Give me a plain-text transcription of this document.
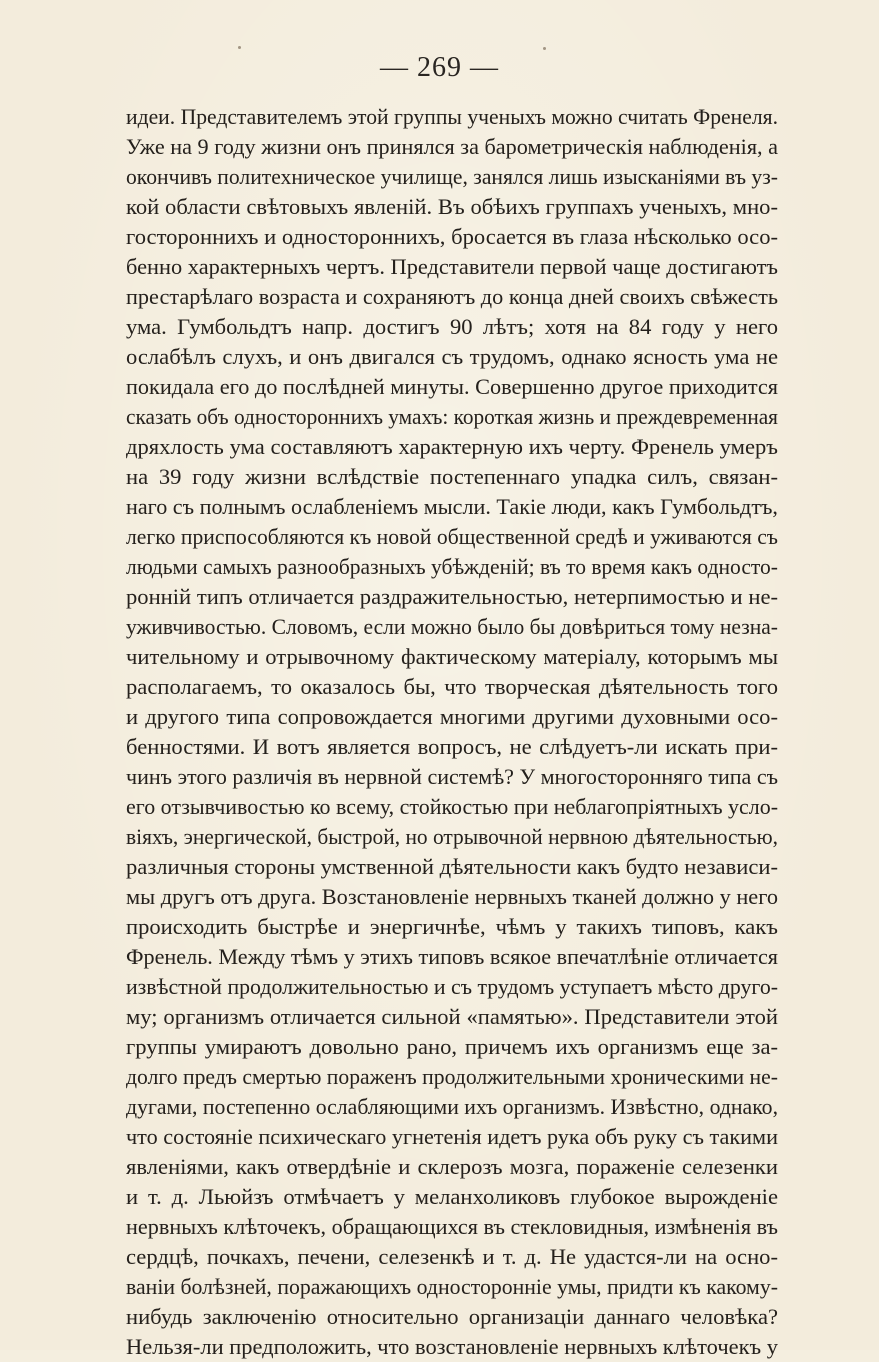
— 269 —
идеи. Представителемъ этой группы ученыхъ можно считать Френеля.
Уже на 9 году жизни онъ принялся за барометрическія наблюденія, а
окончивъ политехническое училище, занялся лишь изысканіями въ уз-
кой области свѣтовыхъ явленій. Въ обѣихъ группахъ ученыхъ, мно-
гостороннихъ и одностороннихъ, бросается въ глаза нѣсколько осо-
бенно характерныхъ чертъ. Представители первой чаще достигаютъ
престарѣлаго возраста и сохраняютъ до конца дней своихъ свѣжесть
ума. Гумбольдтъ напр. достигъ 90 лѣтъ; хотя на 84 году у него
ослабѣлъ слухъ, и онъ двигался съ трудомъ, однако ясность ума не
покидала его до послѣдней минуты. Совершенно другое приходится
сказать объ одностороннихъ умахъ: короткая жизнь и преждевременная
дряхлость ума составляютъ характерную ихъ черту. Френель умеръ
на 39 году жизни вслѣдствіе постепеннаго упадка силъ, связан-
наго съ полнымъ ослабленіемъ мысли. Такіе люди, какъ Гумбольдтъ,
легко приспособляются къ новой общественной средѣ и уживаются съ
людьми самыхъ разнообразныхъ убѣжденій; въ то время какъ односто-
ронній типъ отличается раздражительностью, нетерпимостью и не-
уживчивостью. Словомъ, если можно было бы довѣриться тому незна-
чительному и отрывочному фактическому матеріалу, которымъ мы
располагаемъ, то оказалось бы, что творческая дѣятельность того
и другого типа сопровождается многими другими духовными осо-
бенностями. И вотъ является вопросъ, не слѣдуетъ-ли искать при-
чинъ этого различія въ нервной системѣ? У многосторонняго типа съ
его отзывчивостью ко всему, стойкостью при неблагопріятныхъ усло-
віяхъ, энергической, быстрой, но отрывочной нервною дѣятельностью,
различныя стороны умственной дѣятельности какъ будто независи-
мы другъ отъ друга. Возстановленіе нервныхъ тканей должно у него
происходить быстрѣе и энергичнѣе, чѣмъ у такихъ типовъ, какъ
Френель. Между тѣмъ у этихъ типовъ всякое впечатлѣніе отличается
извѣстной продолжительностью и съ трудомъ уступаетъ мѣсто друго-
му; организмъ отличается сильной «памятью». Представители этой
группы умираютъ довольно рано, причемъ ихъ организмъ еще за-
долго предъ смертью пораженъ продолжительными хроническими не-
дугами, постепенно ослабляющими ихъ организмъ. Извѣстно, однако,
что состояніе психическаго угнетенія идетъ рука объ руку съ такими
явленіями, какъ отвердѣніе и склерозъ мозга, пораженіе селезенки
и т. д. Льюйзъ отмѣчаетъ у меланхоликовъ глубокое вырожденіе
нервныхъ клѣточекъ, обращающихся въ стекловидныя, измѣненія въ
сердцѣ, почкахъ, печени, селезенкѣ и т. д. Не удастся-ли на осно-
ваніи болѣзней, поражающихъ односторонніе умы, придти къ какому-
нибудь заключенію относительно организаціи даннаго человѣка?
Нельзя-ли предположить, что возстановленіе нервныхъ клѣточекъ у
